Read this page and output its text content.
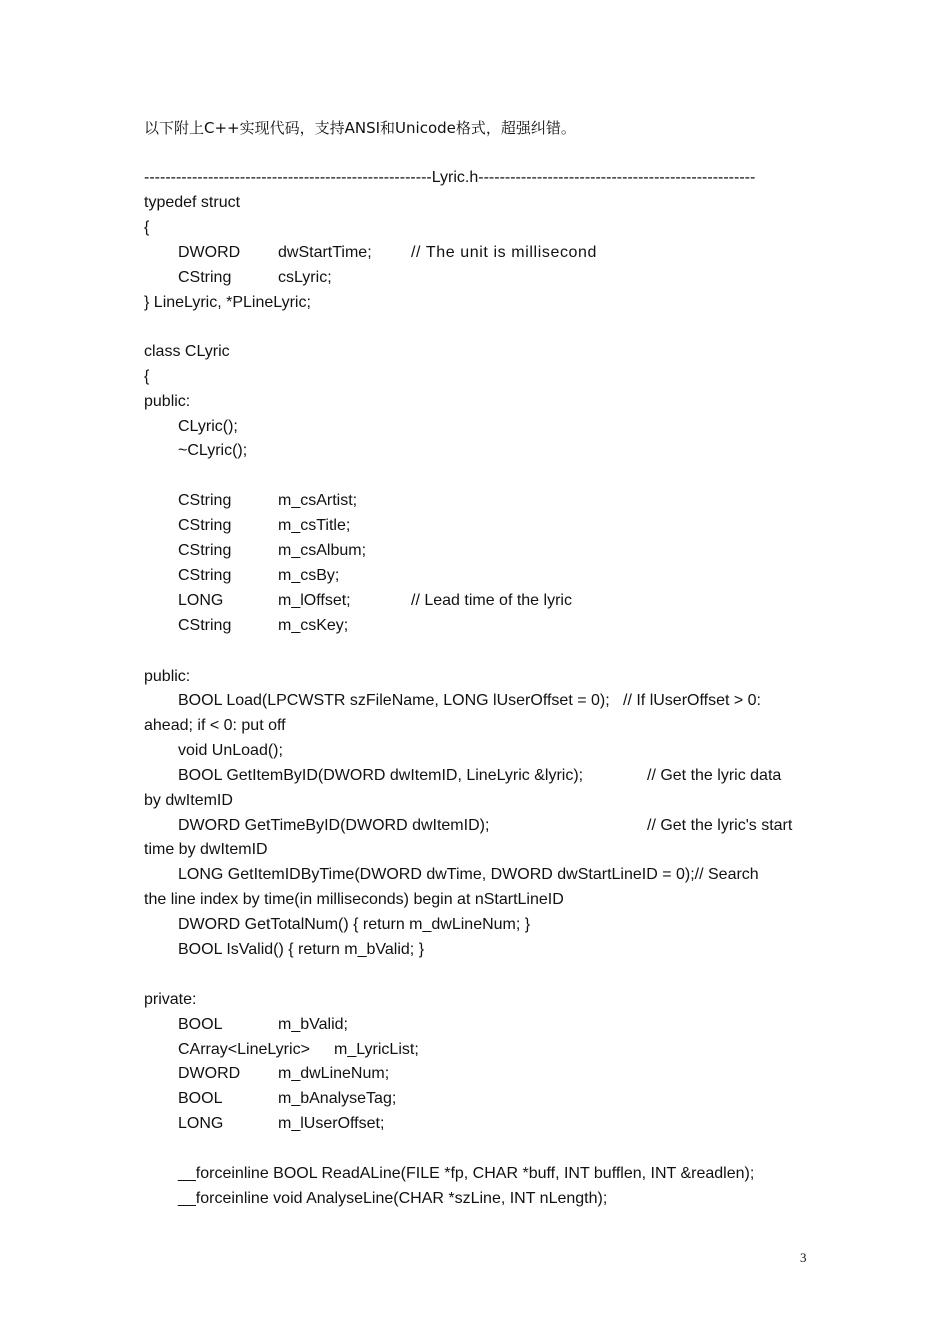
以下附上C++实现代码，支持ANSI和Unicode格式，超强纠错。
------------------------------------------------------Lyric.h----------------------------------------------------
typedef struct
{
DWORD dwStartTime; // The unit is millisecond
CString	csLyric;
} LineLyric, *PLineLyric;
class CLyric
{
public:
CLyric();
~CLyric();
CString	m_csArtist;
CString	m_csTitle;
CString	m_csAlbum;
CString	m_csBy;
LONG	m_lOffset;	// Lead time of the lyric
CString	m_csKey;
public:
BOOL Load(LPCWSTR szFileName, LONG lUserOffset = 0);   // If lUserOffset > 0:
ahead; if < 0: put off
void UnLoad();
BOOL GetItemByID(DWORD dwItemID, LineLyric &lyric);	// Get the lyric data
by dwItemID
DWORD GetTimeByID(DWORD dwItemID);	// Get the lyric's start
time by dwItemID
LONG GetItemIDByTime(DWORD dwTime, DWORD dwStartLineID = 0);// Search
the line index by time(in milliseconds) begin at nStartLineID
DWORD GetTotalNum() { return m_dwLineNum; }
BOOL IsValid() { return m_bValid; }
private:
BOOL	m_bValid;
CArray<LineLyric> m_LyricList;
DWORD m_dwLineNum;
BOOL	m_bAnalyseTag;
LONG	m_lUserOffset;
__forceinline BOOL ReadALine(FILE *fp, CHAR *buff, INT bufflen, INT &readlen);
__forceinline void AnalyseLine(CHAR *szLine, INT nLength);
3
